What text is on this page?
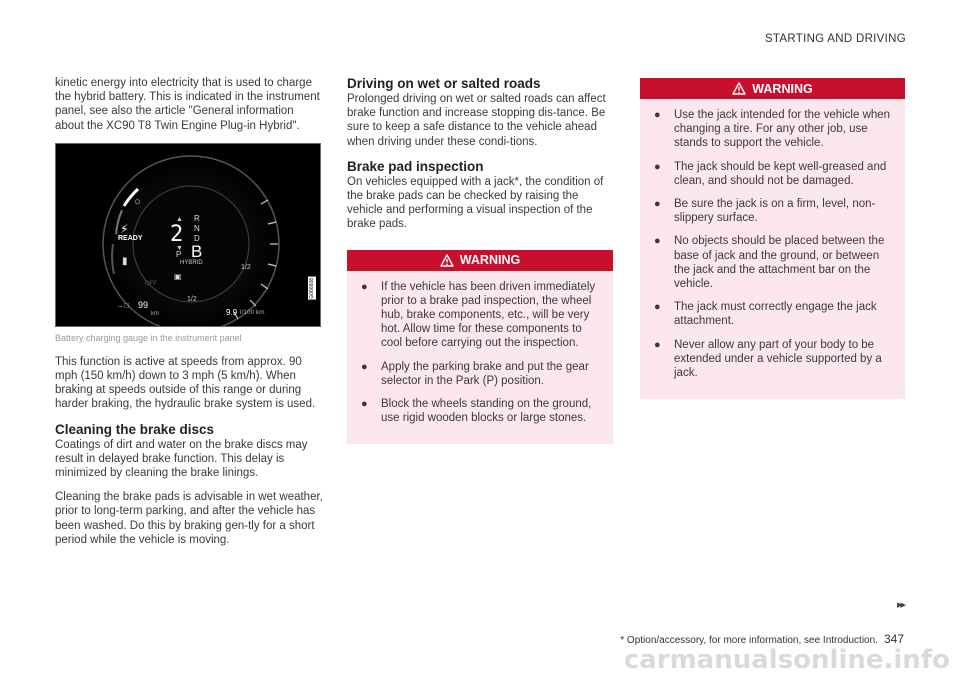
STARTING AND DRIVING

kinetic energy into electricity that is used to charge the hybrid battery. This is indicated in the instrument panel, see also the article "General information about the XC90 T8 Twin Engine Plug-in Hybrid".

○
⚡
READY
▮
OFF
→□ 99
km
1/2
▣
▲
2
▼
R
N
D
P B
HYBRID
1/2
9.9 l/100 km
G066608
Battery charging gauge in the instrument panel

This function is active at speeds from approx. 90 mph (150 km/h) down to 3 mph (5 km/h). When braking at speeds outside of this range or during harder braking, the hydraulic brake system is used.

Cleaning the brake discs

Coatings of dirt and water on the brake discs may result in delayed brake function. This delay is minimized by cleaning the brake linings.

Cleaning the brake pads is advisable in wet weather, prior to long-term parking, and after the vehicle has been washed. Do this by braking gen-tly for a short period while the vehicle is moving.

Driving on wet or salted roads

Prolonged driving on wet or salted roads can affect brake function and increase stopping dis-tance. Be sure to keep a safe distance to the vehicle ahead when driving under these condi-tions.

Brake pad inspection

On vehicles equipped with a jack*, the condition of the brake pads can be checked by raising the vehicle and performing a visual inspection of the brake pads.

WARNING
● If the vehicle has been driven immediately prior to a brake pad inspection, the wheel hub, brake components, etc., will be very hot. Allow time for these components to cool before carrying out the inspection.
● Apply the parking brake and put the gear selector in the Park (P) position.
● Block the wheels standing on the ground, use rigid wooden blocks or large stones.
WARNING
● Use the jack intended for the vehicle when changing a tire. For any other job, use stands to support the vehicle.
● The jack should be kept well-greased and clean, and should not be damaged.
● Be sure the jack is on a firm, level, non-slippery surface.
● No objects should be placed between the base of jack and the ground, or between the jack and the attachment bar on the vehicle.
● The jack must correctly engage the jack attachment.
● Never allow any part of your body to be extended under a vehicle supported by a jack.
▸▸
* Option/accessory, for more information, see Introduction. 347
carmanualsonline.info
